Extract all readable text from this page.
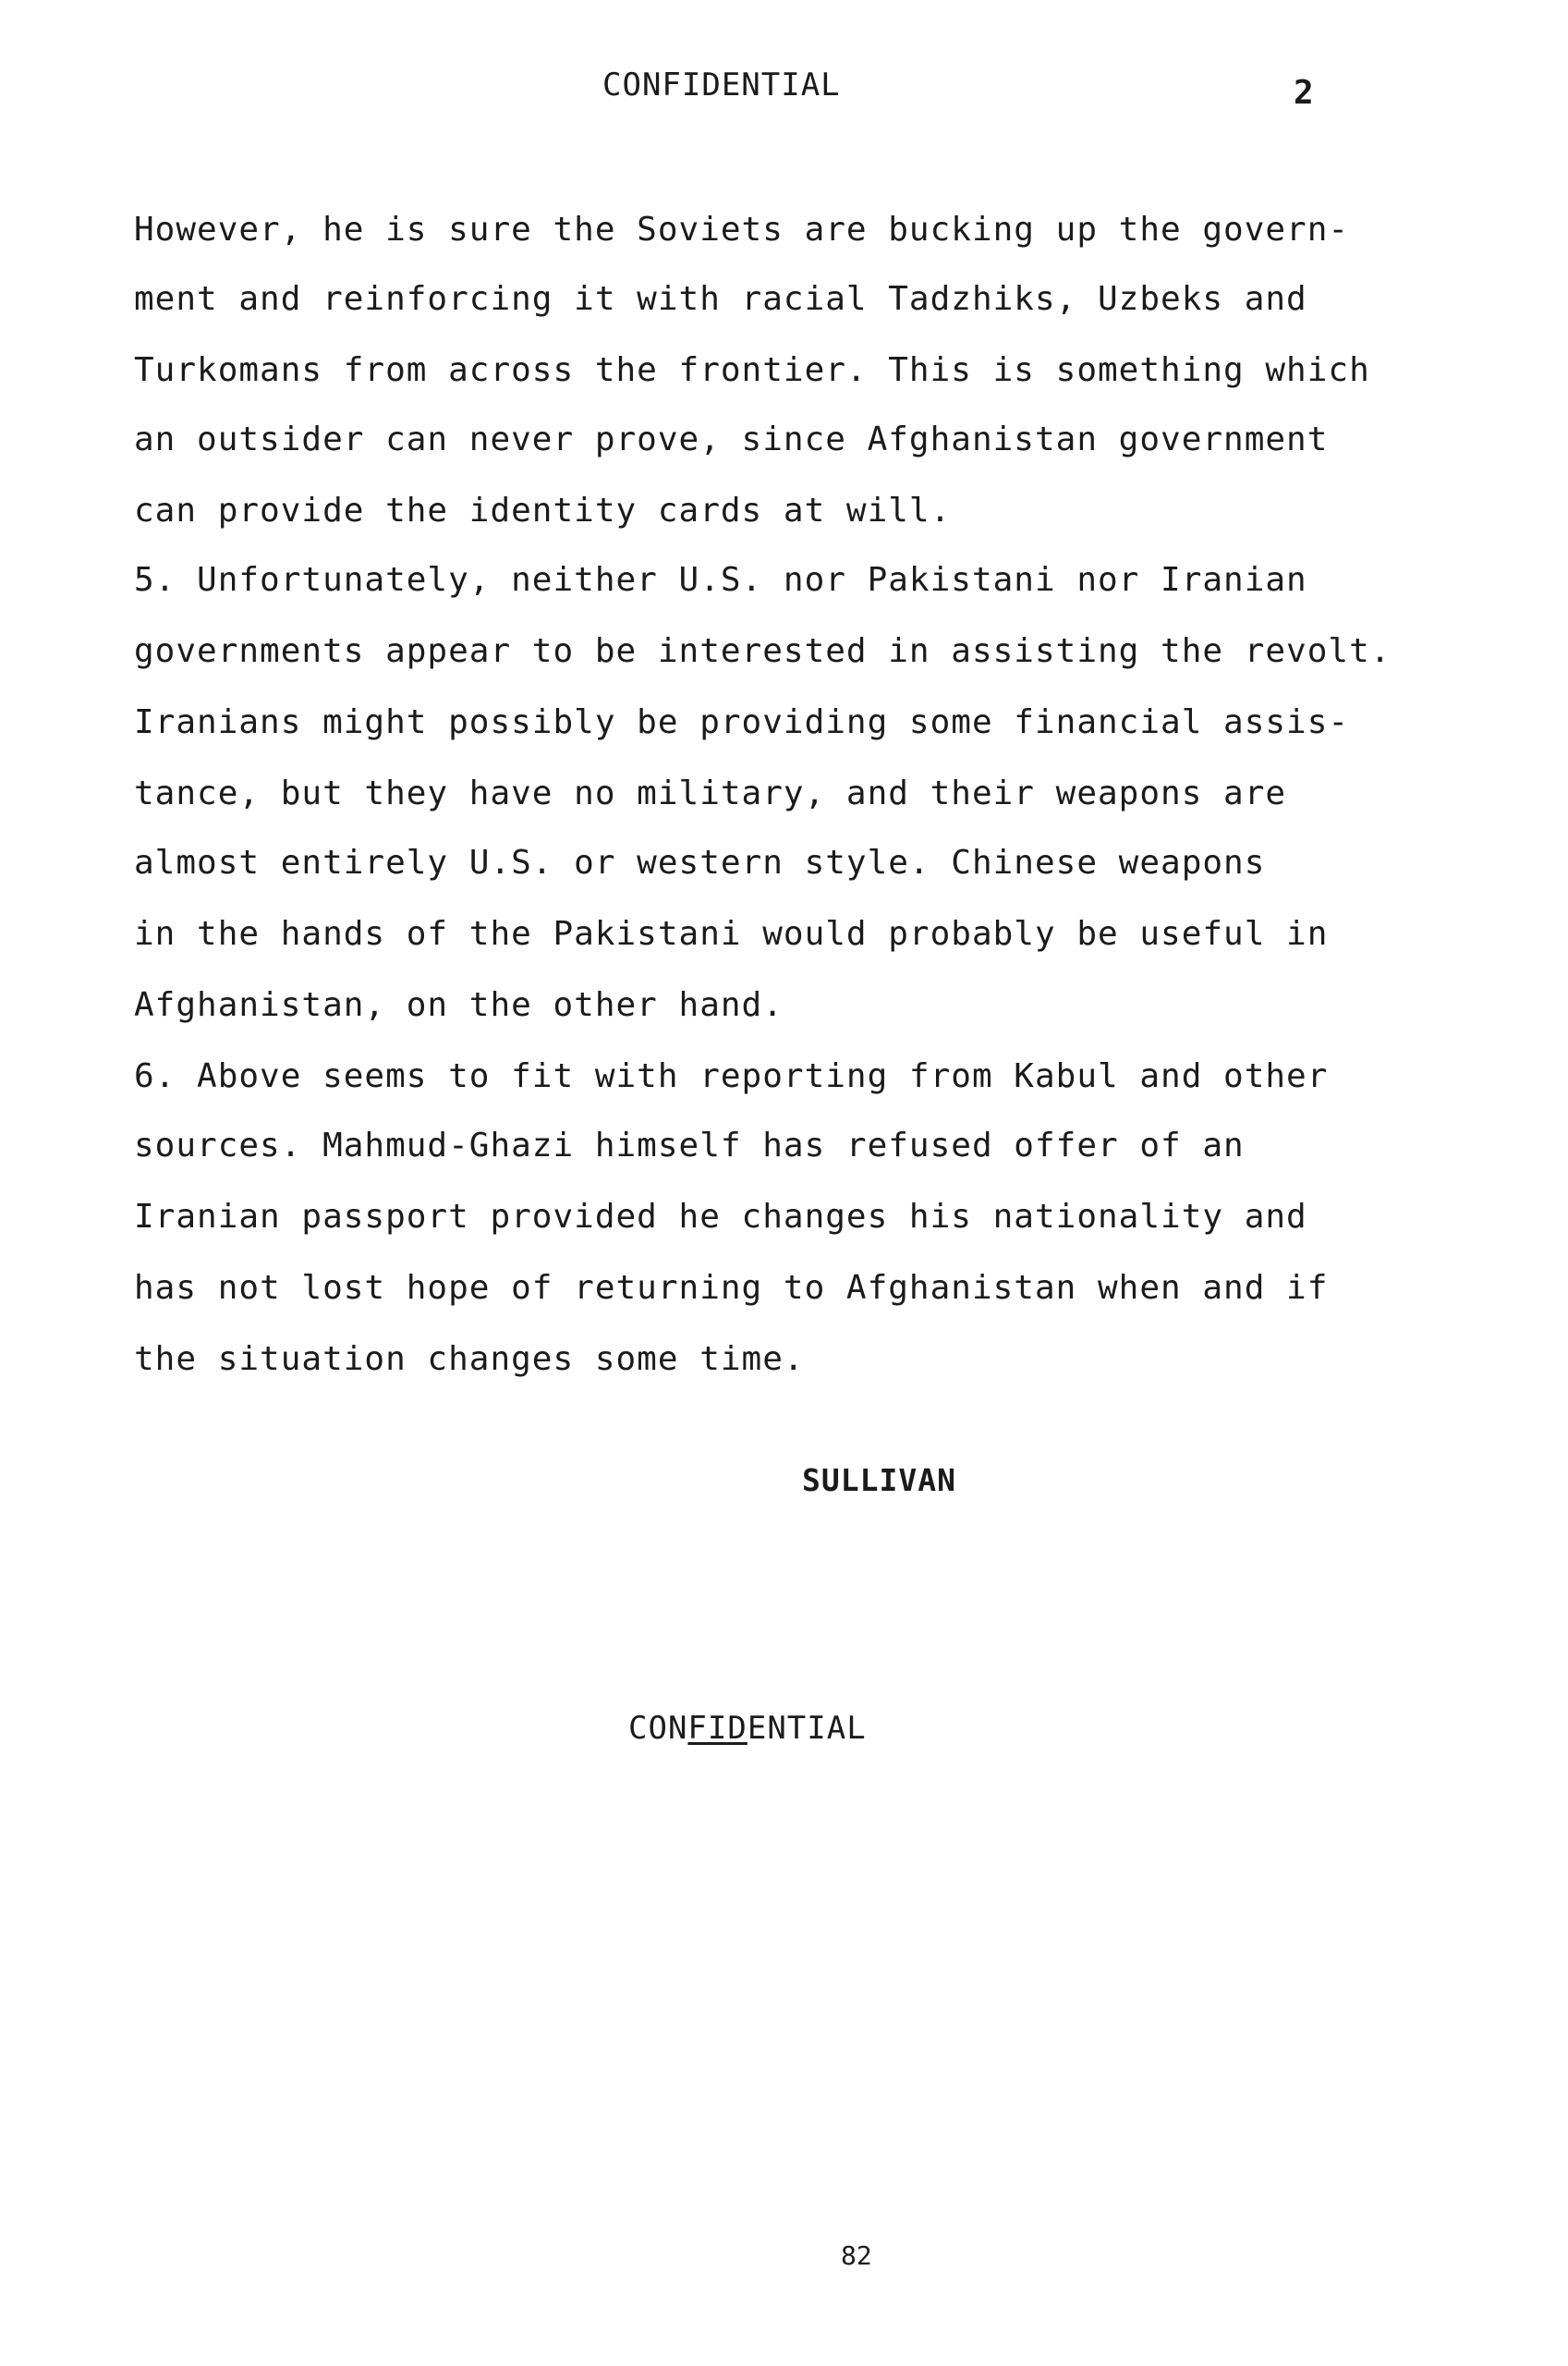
CONFIDENTIAL	2
However, he is sure the Soviets are bucking up the govern-
ment and reinforcing it with racial Tadzhiks, Uzbeks and
Turkomans from across the frontier. This is something which
an outsider can never prove, since Afghanistan government
can provide the identity cards at will.
5. Unfortunately, neither U.S. nor Pakistani nor Iranian
governments appear to be interested in assisting the revolt.
Iranians might possibly be providing some financial assis-
tance, but they have no military, and their weapons are
almost entirely U.S. or western style. Chinese weapons
in the hands of the Pakistani would probably be useful in
Afghanistan, on the other hand.
6. Above seems to fit with reporting from Kabul and other
sources. Mahmud-Ghazi himself has refused offer of an
Iranian passport provided he changes his nationality and
has not lost hope of returning to Afghanistan when and if
the situation changes some time.
SULLIVAN
CONFIDENTIAL
82
